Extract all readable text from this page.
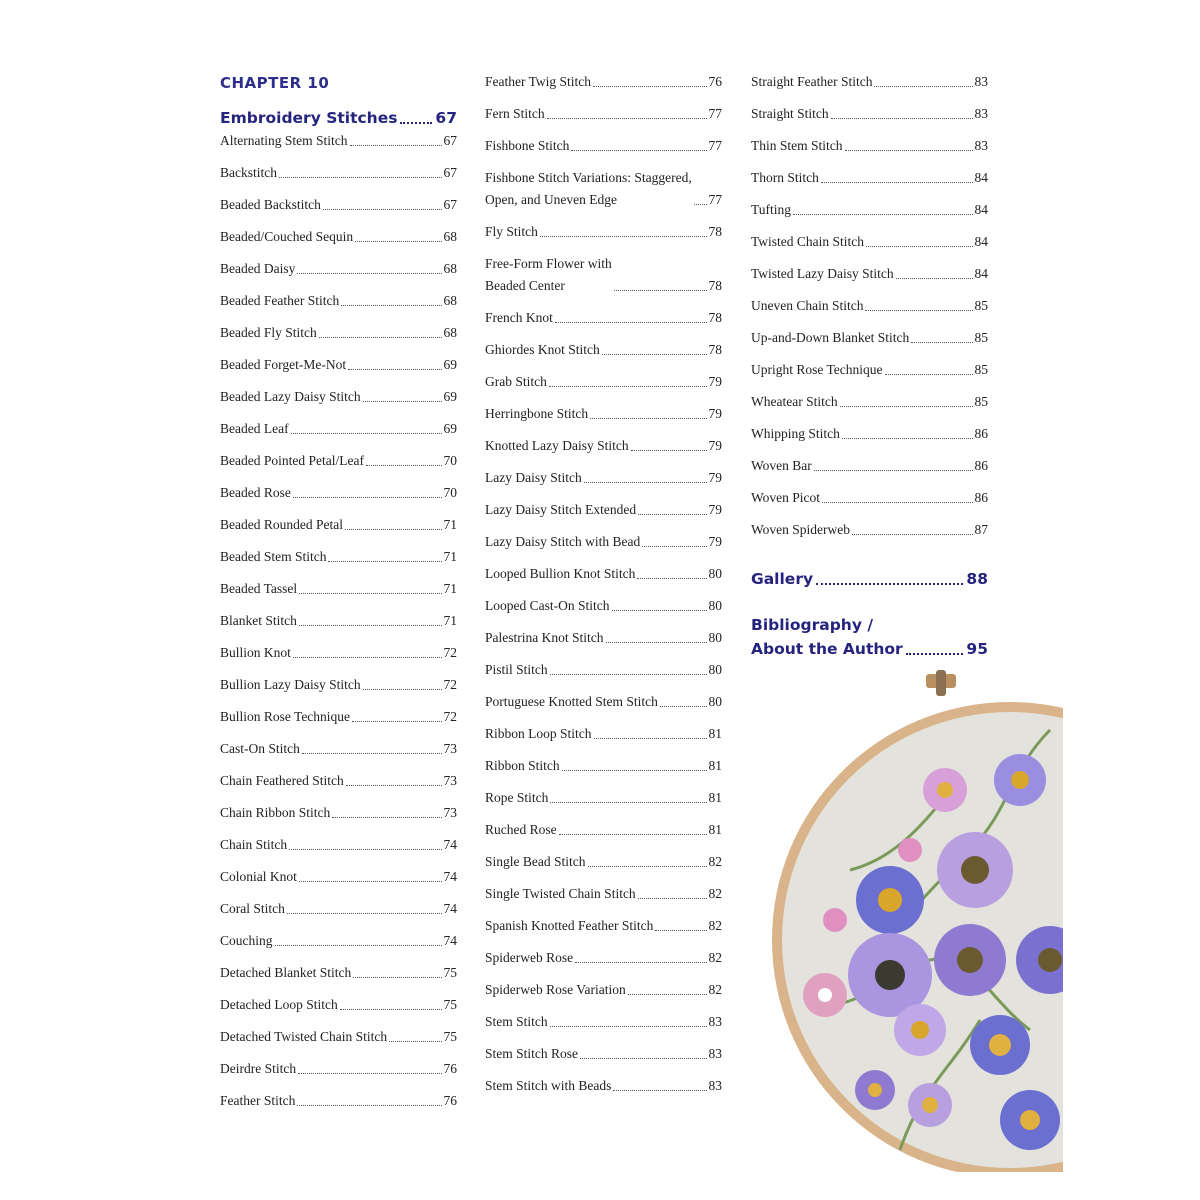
CHAPTER 10
Embroidery Stitches 67
Alternating Stem Stitch	67
Backstitch	67
Beaded Backstitch	67
Beaded/Couched Sequin	68
Beaded Daisy	68
Beaded Feather Stitch	68
Beaded Fly Stitch	68
Beaded Forget-Me-Not	69
Beaded Lazy Daisy Stitch	69
Beaded Leaf	69
Beaded Pointed Petal/Leaf	70
Beaded Rose	70
Beaded Rounded Petal	71
Beaded Stem Stitch	71
Beaded Tassel	71
Blanket Stitch	71
Bullion Knot	72
Bullion Lazy Daisy Stitch	72
Bullion Rose Technique	72
Cast-On Stitch	73
Chain Feathered Stitch	73
Chain Ribbon Stitch	73
Chain Stitch	74
Colonial Knot	74
Coral Stitch	74
Couching	74
Detached Blanket Stitch	75
Detached Loop Stitch	75
Detached Twisted Chain Stitch	75
Deirdre Stitch	76
Feather Stitch	76
Feather Twig Stitch	76
Fern Stitch	77
Fishbone Stitch	77
Fishbone Stitch Variations: Staggered,
Open, and Uneven Edge	77
Fly Stitch	78
Free-Form Flower with
Beaded Center	78
French Knot	78
Ghiordes Knot Stitch	78
Grab Stitch	79
Herringbone Stitch	79
Knotted Lazy Daisy Stitch	79
Lazy Daisy Stitch	79
Lazy Daisy Stitch Extended	79
Lazy Daisy Stitch with Bead	79
Looped Bullion Knot Stitch	80
Looped Cast-On Stitch	80
Palestrina Knot Stitch	80
Pistil Stitch	80
Portuguese Knotted Stem Stitch	80
Ribbon Loop Stitch	81
Ribbon Stitch	81
Rope Stitch	81
Ruched Rose	81
Single Bead Stitch	82
Single Twisted Chain Stitch	82
Spanish Knotted Feather Stitch	82
Spiderweb Rose	82
Spiderweb Rose Variation	82
Stem Stitch	83
Stem Stitch Rose	83
Stem Stitch with Beads	83
Straight Feather Stitch	83
Straight Stitch	83
Thin Stem Stitch	83
Thorn Stitch	84
Tufting	84
Twisted Chain Stitch	84
Twisted Lazy Daisy Stitch	84
Uneven Chain Stitch	85
Up-and-Down Blanket Stitch	85
Upright Rose Technique	85
Wheatear Stitch	85
Whipping Stitch	86
Woven Bar	86
Woven Picot	86
Woven Spiderweb	87
Gallery	88
Bibliography /
About the Author	95
